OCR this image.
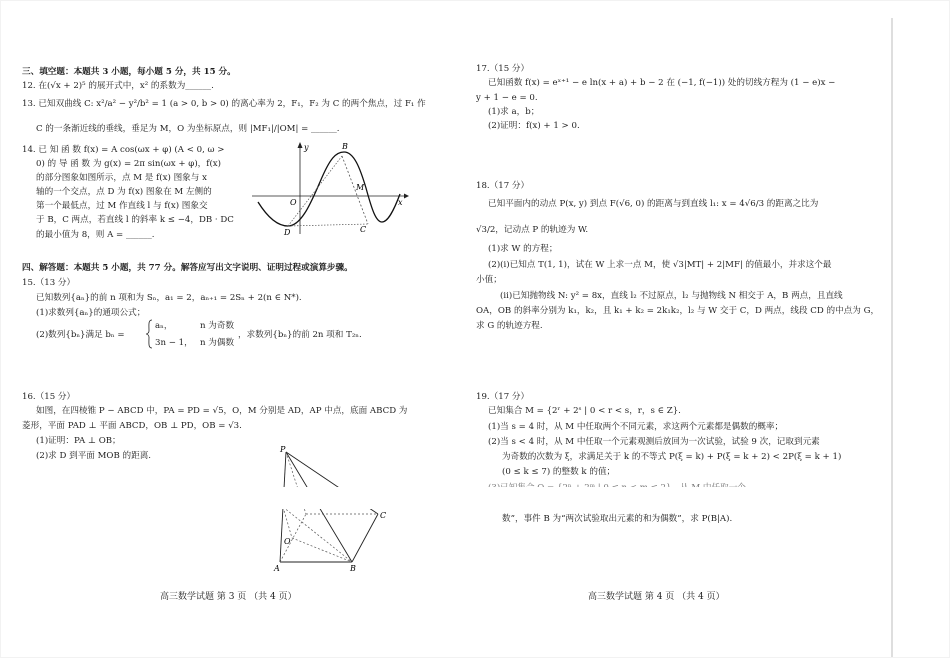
三、填空题：本题共 3 小题，每小题 5 分，共 15 分。
12. 在(√x + 2)⁵ 的展开式中，x² 的系数为______.
13. 已知双曲线 C: x²/a² − y²/b² = 1 (a > 0, b > 0) 的离心率为 2，F₁，F₂ 为 C 的两个焦点，过 F₁ 作
C 的一条渐近线的垂线，垂足为 M，O 为坐标原点，则 |MF₁|/|OM| = ______.
14. 已 知 函 数 f(x) = A cos(ωx + φ) (A < 0, ω >
0) 的 导 函 数 为 g(x) = 2π sin(ωx + φ)，f(x)
的部分图象如图所示，点 M 是 f(x) 图象与 x
轴的一个交点，点 D 为 f(x) 图象在 M 左侧的
第一个最低点，过 M 作直线 l 与 f(x) 图象交
于 B，C 两点，若直线 l 的斜率 k ≤ −4，DB · DC
的最小值为 8，则 A = ______.
y
x
O
B
M
D	C
四、解答题：本题共 5 小题，共 77 分。解答应写出文字说明、证明过程或演算步骤。
15.（13 分）
已知数列{aₙ}的前 n 项和为 Sₙ，a₁ = 2，aₙ₊₁ = 2Sₙ + 2(n ∈ N*).
(1)求数列{aₙ}的通项公式；
(2)数列{bₙ}满足 bₙ =
aₙ，	n 为奇数
3n − 1， n 为偶数
，求数列{bₙ}的前 2n 项和 T₂ₙ.
16.（15 分）
如图，在四棱锥 P − ABCD 中，PA = PD = √5，O，M 分别是 AD，AP 中点，底面 ABCD 为
菱形，平面 PAD ⊥ 平面 ABCD，OB ⊥ PD，OB = √3.
(1)证明：PA ⊥ OB；
(2)求 D 到平面 MOB 的距离.
P
O
A	B
C
高三数学试题 第 3 页 （共 4 页）
17.（15 分）
已知函数 f(x) = eˣ⁺¹ − e ln(x + a) + b − 2 在 (−1, f(−1)) 处的切线方程为 (1 − e)x −
y + 1 − e = 0.
(1)求 a，b；
(2)证明：f(x) + 1 > 0.
18.（17 分）
已知平面内的动点 P(x, y) 到点 F(√6, 0) 的距离与到直线 l₁: x = 4√6/3 的距离之比为
√3/2，记动点 P 的轨迹为 W.
(1)求 W 的方程；
(2)(i)已知点 T(1, 1)，试在 W 上求一点 M，使 √3|MT| + 2|MF| 的值最小，并求这个最
小值；
(ii)已知抛物线 N: y² = 8x，直线 l₂ 不过原点，l₂ 与抛物线 N 相交于 A，B 两点，且直线
OA，OB 的斜率分别为 k₁，k₂，且 k₁ + k₂ = 2k₁k₂，l₂ 与 W 交于 C，D 两点，线段 CD 的中点为 G，
求 G 的轨迹方程.
19.（17 分）
已知集合 M = {2ʳ + 2ˢ | 0 < r < s，r，s ∈ Z}.
(1)当 s = 4 时，从 M 中任取两个不同元素，求这两个元素都是偶数的概率；
(2)当 s < 4 时，从 M 中任取一个元素观测后放回为一次试验，试验 9 次，记取到元素
为奇数的次数为 ξ，求满足关于 k 的不等式 P(ξ = k) + P(ξ = k + 2) < 2P(ξ = k + 1)
(0 ≤ k ≤ 7) 的整数 k 的值；
数”，事件 B 为“两次试验取出元素的和为偶数”，求 P(B|A).
高三数学试题 第 4 页 （共 4 页）
